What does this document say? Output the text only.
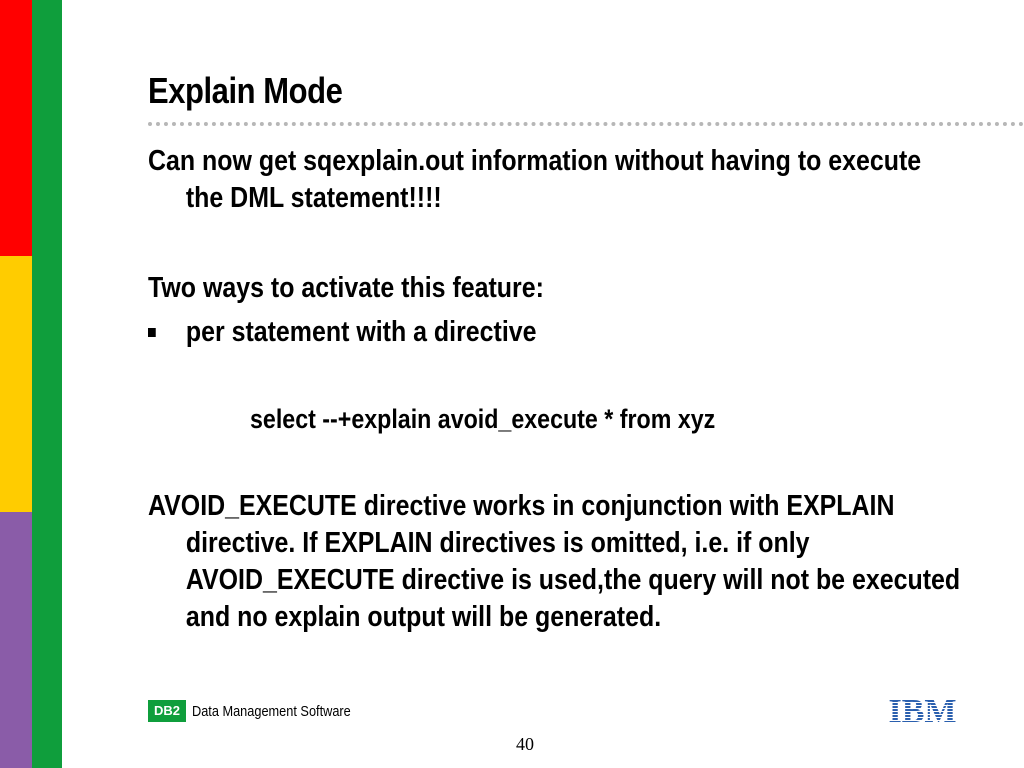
Explain Mode
Can now get sqexplain.out information without having to execute the DML statement!!!!
Two ways to activate this feature:
per statement with a directive
select --+explain avoid_execute * from xyz
AVOID_EXECUTE directive works in conjunction with EXPLAIN directive. If EXPLAIN directives is omitted, i.e. if only AVOID_EXECUTE directive is used,the query will not be executed and no explain output will be generated.
DB2 Data Management Software
40
